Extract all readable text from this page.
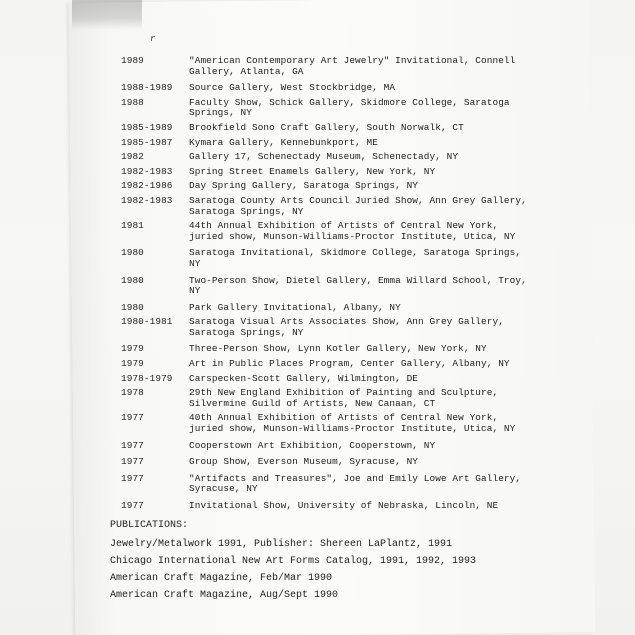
r
1989	"American Contemporary Art Jewelry" Invitational, Connell
Gallery, Atlanta, GA
1988-1989	Source Gallery, West Stockbridge, MA
1988	Faculty Show, Schick Gallery, Skidmore College, Saratoga
Springs, NY
1985-1989	Brookfield Sono Craft Gallery, South Norwalk, CT
1985-1987	Kymara Gallery, Kennebunkport, ME
1982	Gallery 17, Schenectady Museum, Schenectady, NY
1982-1983	Spring Street Enamels Gallery, New York, NY
1982-1986	Day Spring Gallery, Saratoga Springs, NY
1982-1983	Saratoga County Arts Council Juried Show, Ann Grey Gallery,
Saratoga Springs, NY
1981	44th Annual Exhibition of Artists of Central New York,
juried show, Munson-Williams-Proctor Institute, Utica, NY
1980	Saratoga Invitational, Skidmore College, Saratoga Springs,
NY
1980	Two-Person Show, Dietel Gallery, Emma Willard School, Troy,
NY
1980	Park Gallery Invitational, Albany, NY
1980-1981	Saratoga Visual Arts Associates Show, Ann Grey Gallery,
Saratoga Springs, NY
1979	Three-Person Show, Lynn Kotler Gallery, New York, NY
1979	Art in Public Places Program, Center Gallery, Albany, NY
1978-1979	Carspecken-Scott Gallery, Wilmington, DE
1978	29th New England Exhibition of Painting and Sculpture,
Silvermine Guild of Artists, New Canaan, CT
1977	40th Annual Exhibition of Artists of Central New York,
juried show, Munson-Williams-Proctor Institute, Utica, NY
1977	Cooperstown Art Exhibition, Cooperstown, NY
1977	Group Show, Everson Museum, Syracuse, NY
1977	"Artifacts and Treasures", Joe and Emily Lowe Art Gallery,
Syracuse, NY
1977	Invitational Show, University of Nebraska, Lincoln, NE
PUBLICATIONS:
Jewelry/Metalwork 1991, Publisher: Shereen LaPlantz, 1991
Chicago International New Art Forms Catalog, 1991, 1992, 1993
American Craft Magazine, Feb/Mar 1990
American Craft Magazine, Aug/Sept 1990
